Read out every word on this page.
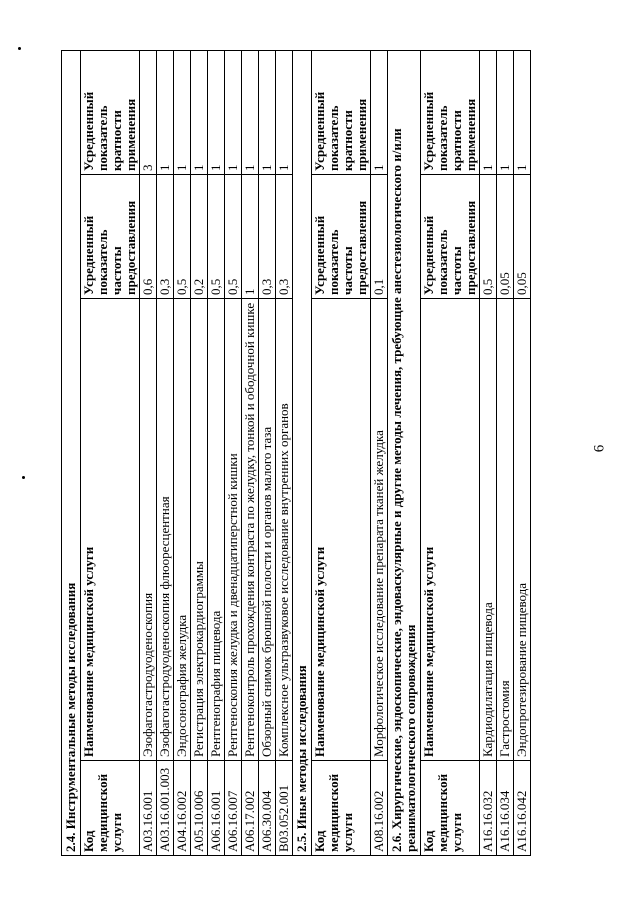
6
2.4. Инструментальные методы исследования			

Код медицинской услуги	Наименование медицинской услуги	Усредненный показатель частоты предоставления	Усредненный показатель кратности применения

A03.16.001	Эзофагогастродуоденоскопия	0,6	3
A03.16.001.003	Эзофагогастродуоденоскопия флюоресцентная	0,3	1
A04.16.002	Эндосонография желудка	0,5	1
A05.10.006	Регистрация электрокардиограммы	0,2	1
A06.16.001	Рентгенография пищевода	0,5	1
A06.16.007	Рентгеноскопия желудка и двенадцатиперстной кишки	0,5	1
A06.17.002	Рентгеноконтроль прохождения контраста по желудку, тонкой и ободочной кишке	1	1
A06.30.004	Обзорный снимок брюшной полости и органов малого таза	0,3	1
B03.052.001	Комплексное ультразвуковое исследование внутренних органов	0,3	1
2.5. Иные методы исследования			

Код медицинской услуги	Наименование медицинской услуги	Усредненный показатель частоты предоставления	Усредненный показатель кратности применения

A08.16.002	Морфологическое исследование препарата тканей желудка	0,1	1
2.6. Хирургические, эндоскопические, эндоваскулярные и другие методы лечения, требующие анестезиологического и/или реаниматологического сопровождения			

Код медицинской услуги	Наименование медицинской услуги	Усредненный показатель частоты предоставления	Усредненный показатель кратности применения

A16.16.032	Кардиодилатация пищевода	0,5	1
A16.16.034	Гастростомия	0,05	1
A16.16.042	Эндопротезирование пищевода	0,05	1
